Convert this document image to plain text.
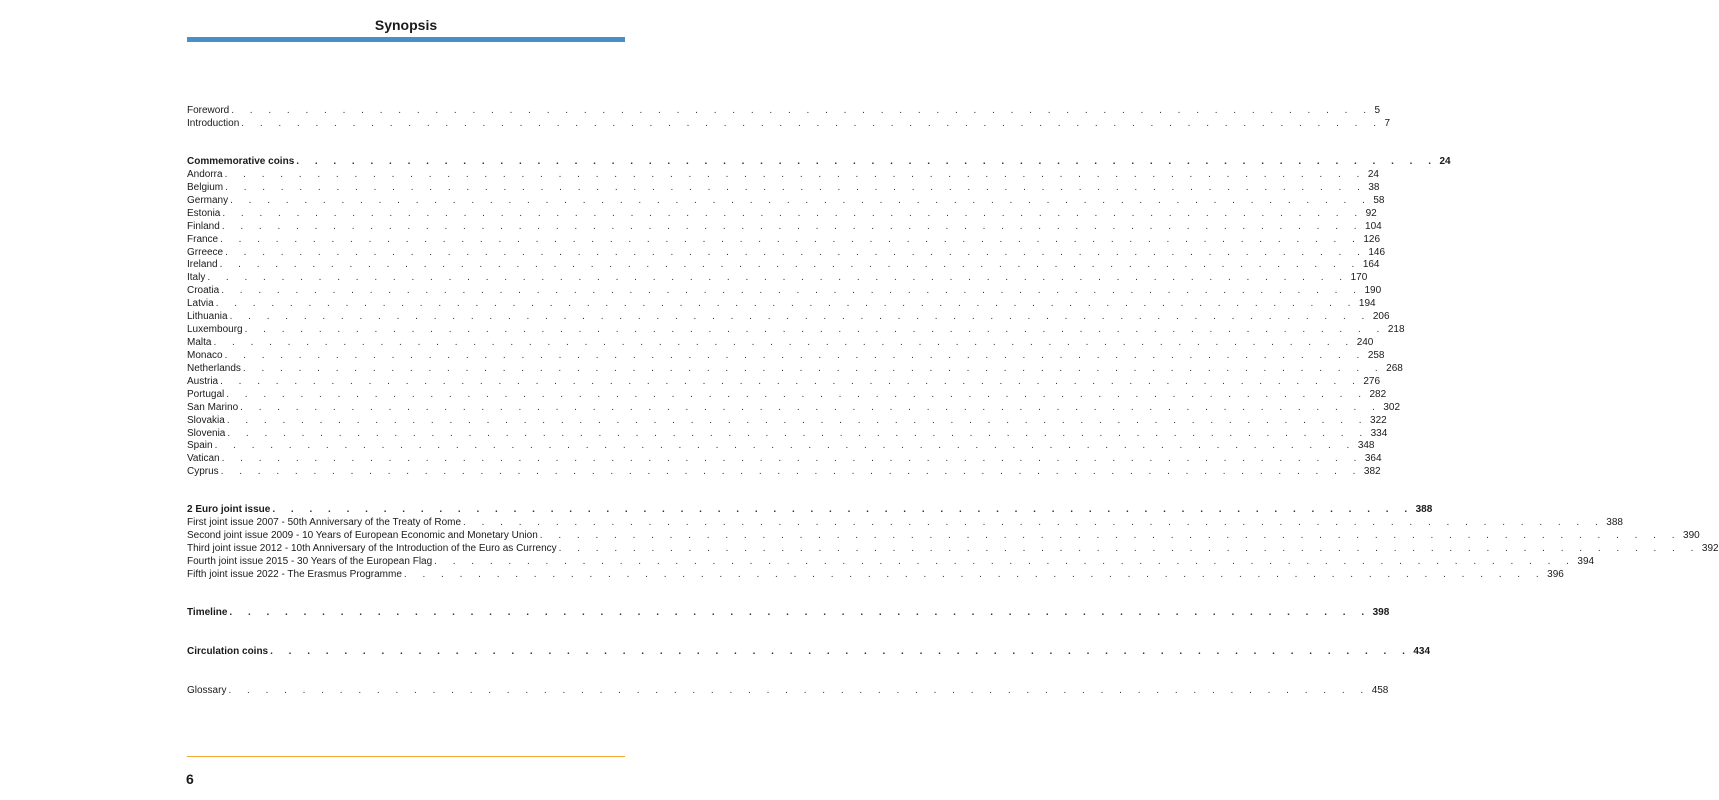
Synopsis
Foreword . . . . . . . . . . . . . . . . . . . . . . . . . . . . . . . . . . . . . . . . . . . . . . . . . . . . . . . . . . . . . . 5
Introduction . . . . . . . . . . . . . . . . . . . . . . . . . . . . . . . . . . . . . . . . . . . . . . . . . . . . . . . . . . . . . . 7
Commemorative coins . . . . . . . . . . . . . . . . . . . . . . . . . . . . . . . . . . . . . . . . . . . . . . . . . . . . . . . . . . . . . . 24
Andorra . . . . . . . . . . . . . . . . . . . . . . . . . . . . . . . . . . . . . . . . . . . . . . . . . . . . . . . . . . . . . . 24
Belgium . . . . . . . . . . . . . . . . . . . . . . . . . . . . . . . . . . . . . . . . . . . . . . . . . . . . . . . . . . . . . . 38
Germany . . . . . . . . . . . . . . . . . . . . . . . . . . . . . . . . . . . . . . . . . . . . . . . . . . . . . . . . . . . . . . 58
Estonia . . . . . . . . . . . . . . . . . . . . . . . . . . . . . . . . . . . . . . . . . . . . . . . . . . . . . . . . . . . . . . 92
Finland . . . . . . . . . . . . . . . . . . . . . . . . . . . . . . . . . . . . . . . . . . . . . . . . . . . . . . . . . . . . . . 104
France . . . . . . . . . . . . . . . . . . . . . . . . . . . . . . . . . . . . . . . . . . . . . . . . . . . . . . . . . . . . . . 126
Grreece . . . . . . . . . . . . . . . . . . . . . . . . . . . . . . . . . . . . . . . . . . . . . . . . . . . . . . . . . . . . . . 146
Ireland . . . . . . . . . . . . . . . . . . . . . . . . . . . . . . . . . . . . . . . . . . . . . . . . . . . . . . . . . . . . . . 164
Italy . . . . . . . . . . . . . . . . . . . . . . . . . . . . . . . . . . . . . . . . . . . . . . . . . . . . . . . . . . . . . . 170
Croatia . . . . . . . . . . . . . . . . . . . . . . . . . . . . . . . . . . . . . . . . . . . . . . . . . . . . . . . . . . . . . . 190
Latvia . . . . . . . . . . . . . . . . . . . . . . . . . . . . . . . . . . . . . . . . . . . . . . . . . . . . . . . . . . . . . . 194
Lithuania . . . . . . . . . . . . . . . . . . . . . . . . . . . . . . . . . . . . . . . . . . . . . . . . . . . . . . . . . . . . . . 206
Luxembourg . . . . . . . . . . . . . . . . . . . . . . . . . . . . . . . . . . . . . . . . . . . . . . . . . . . . . . . . . . . . . . 218
Malta . . . . . . . . . . . . . . . . . . . . . . . . . . . . . . . . . . . . . . . . . . . . . . . . . . . . . . . . . . . . . . 240
Monaco . . . . . . . . . . . . . . . . . . . . . . . . . . . . . . . . . . . . . . . . . . . . . . . . . . . . . . . . . . . . . . 258
Netherlands . . . . . . . . . . . . . . . . . . . . . . . . . . . . . . . . . . . . . . . . . . . . . . . . . . . . . . . . . . . . . . 268
Austria . . . . . . . . . . . . . . . . . . . . . . . . . . . . . . . . . . . . . . . . . . . . . . . . . . . . . . . . . . . . . . 276
Portugal . . . . . . . . . . . . . . . . . . . . . . . . . . . . . . . . . . . . . . . . . . . . . . . . . . . . . . . . . . . . . . 282
San Marino . . . . . . . . . . . . . . . . . . . . . . . . . . . . . . . . . . . . . . . . . . . . . . . . . . . . . . . . . . . . . . 302
Slovakia . . . . . . . . . . . . . . . . . . . . . . . . . . . . . . . . . . . . . . . . . . . . . . . . . . . . . . . . . . . . . . 322
Slovenia . . . . . . . . . . . . . . . . . . . . . . . . . . . . . . . . . . . . . . . . . . . . . . . . . . . . . . . . . . . . . . 334
Spain . . . . . . . . . . . . . . . . . . . . . . . . . . . . . . . . . . . . . . . . . . . . . . . . . . . . . . . . . . . . . . 348
Vatican . . . . . . . . . . . . . . . . . . . . . . . . . . . . . . . . . . . . . . . . . . . . . . . . . . . . . . . . . . . . . . 364
Cyprus . . . . . . . . . . . . . . . . . . . . . . . . . . . . . . . . . . . . . . . . . . . . . . . . . . . . . . . . . . . . . . 382
2 Euro joint issue . . . . . . . . . . . . . . . . . . . . . . . . . . . . . . . . . . . . . . . . . . . . . . . . . . . . . . . . . . . . . . 388
First joint issue 2007 - 50th Anniversary of the Treaty of Rome . . . . . . . . . . . . . . . . . . . . . . . . . . . . . . . . . . . . . . . . . . . . . . . . . . . . . . . . . . . . . . 388
Second joint issue 2009 - 10 Years of European Economic and Monetary Union . . . . . . . . . . . . . . . . . . . . . . . . . . . . . . . . . . . . . . . . . . . . . . . . . . . . . . . . . . . . . . 390
Third joint issue 2012 - 10th Anniversary of the Introduction of the Euro as Currency . . . . . . . . . . . . . . . . . . . . . . . . . . . . . . . . . . . . . . . . . . . . . . . . . . . . . . . . . . . . . . 392
Fourth joint issue 2015 - 30 Years of the European Flag . . . . . . . . . . . . . . . . . . . . . . . . . . . . . . . . . . . . . . . . . . . . . . . . . . . . . . . . . . . . . . 394
Fifth joint issue 2022 - The Erasmus Programme . . . . . . . . . . . . . . . . . . . . . . . . . . . . . . . . . . . . . . . . . . . . . . . . . . . . . . . . . . . . . . 396
Timeline . . . . . . . . . . . . . . . . . . . . . . . . . . . . . . . . . . . . . . . . . . . . . . . . . . . . . . . . . . . . . . 398
Circulation coins . . . . . . . . . . . . . . . . . . . . . . . . . . . . . . . . . . . . . . . . . . . . . . . . . . . . . . . . . . . . . . 434
Glossary . . . . . . . . . . . . . . . . . . . . . . . . . . . . . . . . . . . . . . . . . . . . . . . . . . . . . . . . . . . . . . 458
6
